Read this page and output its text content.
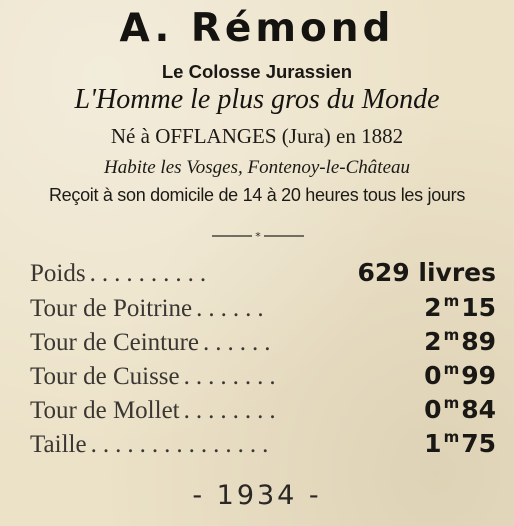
A. Rémond
Le Colosse Jurassien
L'Homme le plus gros du Monde
Né à OFFLANGES (Jura) en 1882
Habite les Vosges, Fontenoy-le-Château
Reçoit à son domicile de 14 à 20 heures tous les jours
*
Poids ..........	629 livres
Tour de Poitrine ......	2 $^m$15
Tour de Ceinture ......	2 $^m$89
Tour de Cuisse ........	0 $^m$99
Tour de Mollet ........	0 $^m$84
Taille ...............	1 $^m$75
- 1934 -
